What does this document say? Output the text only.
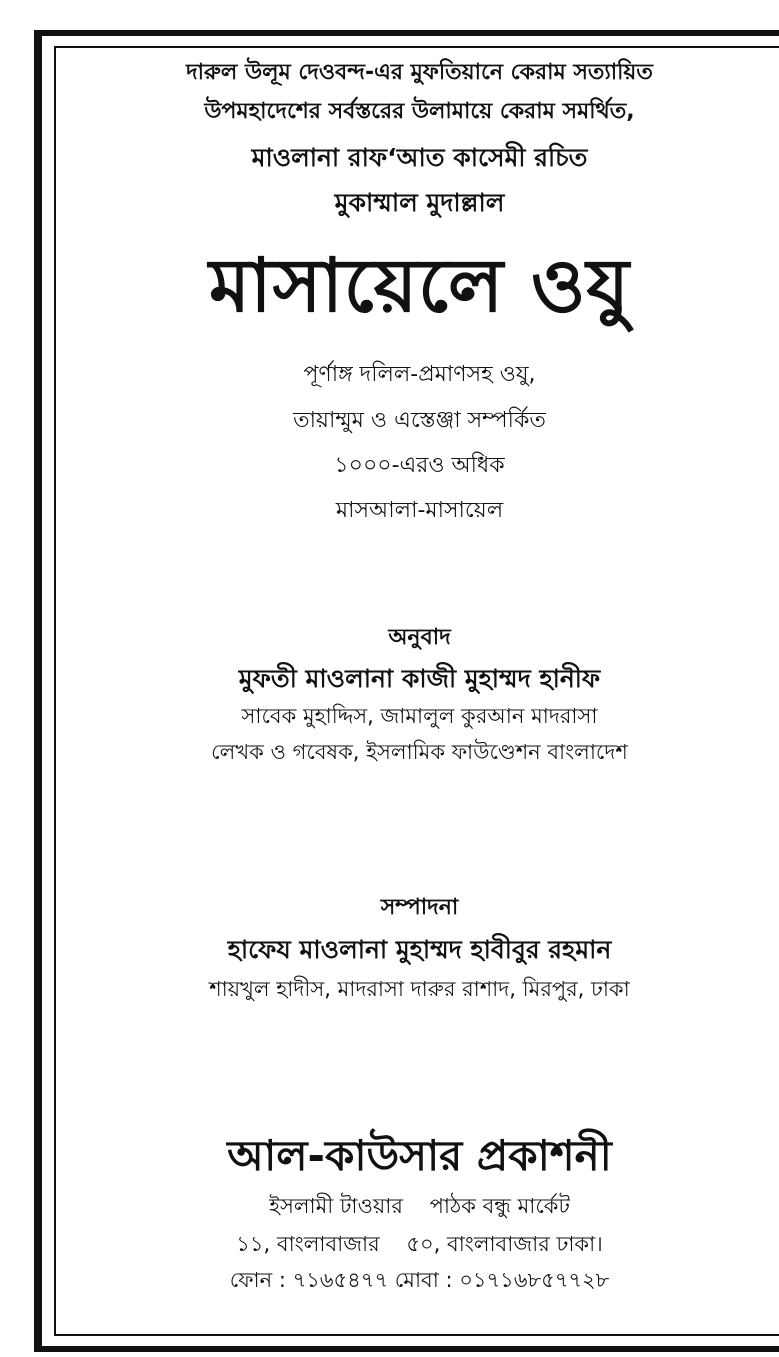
দারুল উলূম দেওবন্দ-এর মুফতিয়ানে কেরাম সত্যায়িত
উপমহাদেশের সর্বস্তরের উলামায়ে কেরাম সমর্থিত,
মাওলানা রাফ‘আত কাসেমী রচিত
মুকাম্মাল মুদাল্লাল
মাসায়েলে ওযু
পূর্ণাঙ্গ দলিল-প্রমাণসহ ওযু,
তায়াম্মুম ও এস্তেঞ্জা সম্পর্কিত
১০০০-এরও অধিক
মাসআলা-মাসায়েল
অনুবাদ
মুফতী মাওলানা কাজী মুহাম্মদ হানীফ
সাবেক মুহাদ্দিস, জামালুল কুরআন মাদরাসা
লেখক ও গবেষক, ইসলামিক ফাউণ্ডেশন বাংলাদেশ
সম্পাদনা
হাফেয মাওলানা মুহাম্মদ হাবীবুর রহমান
শায়খুল হাদীস, মাদরাসা দারুর রাশাদ, মিরপুর, ঢাকা
আল-কাউসার প্রকাশনী
ইসলামী টাওয়ার পাঠক বন্ধু মার্কেট
১১, বাংলাবাজার ৫০, বাংলাবাজার ঢাকা।
ফোন : ৭১৬৫৪৭৭ মোবা : ০১৭১৬৮৫৭৭২৮
